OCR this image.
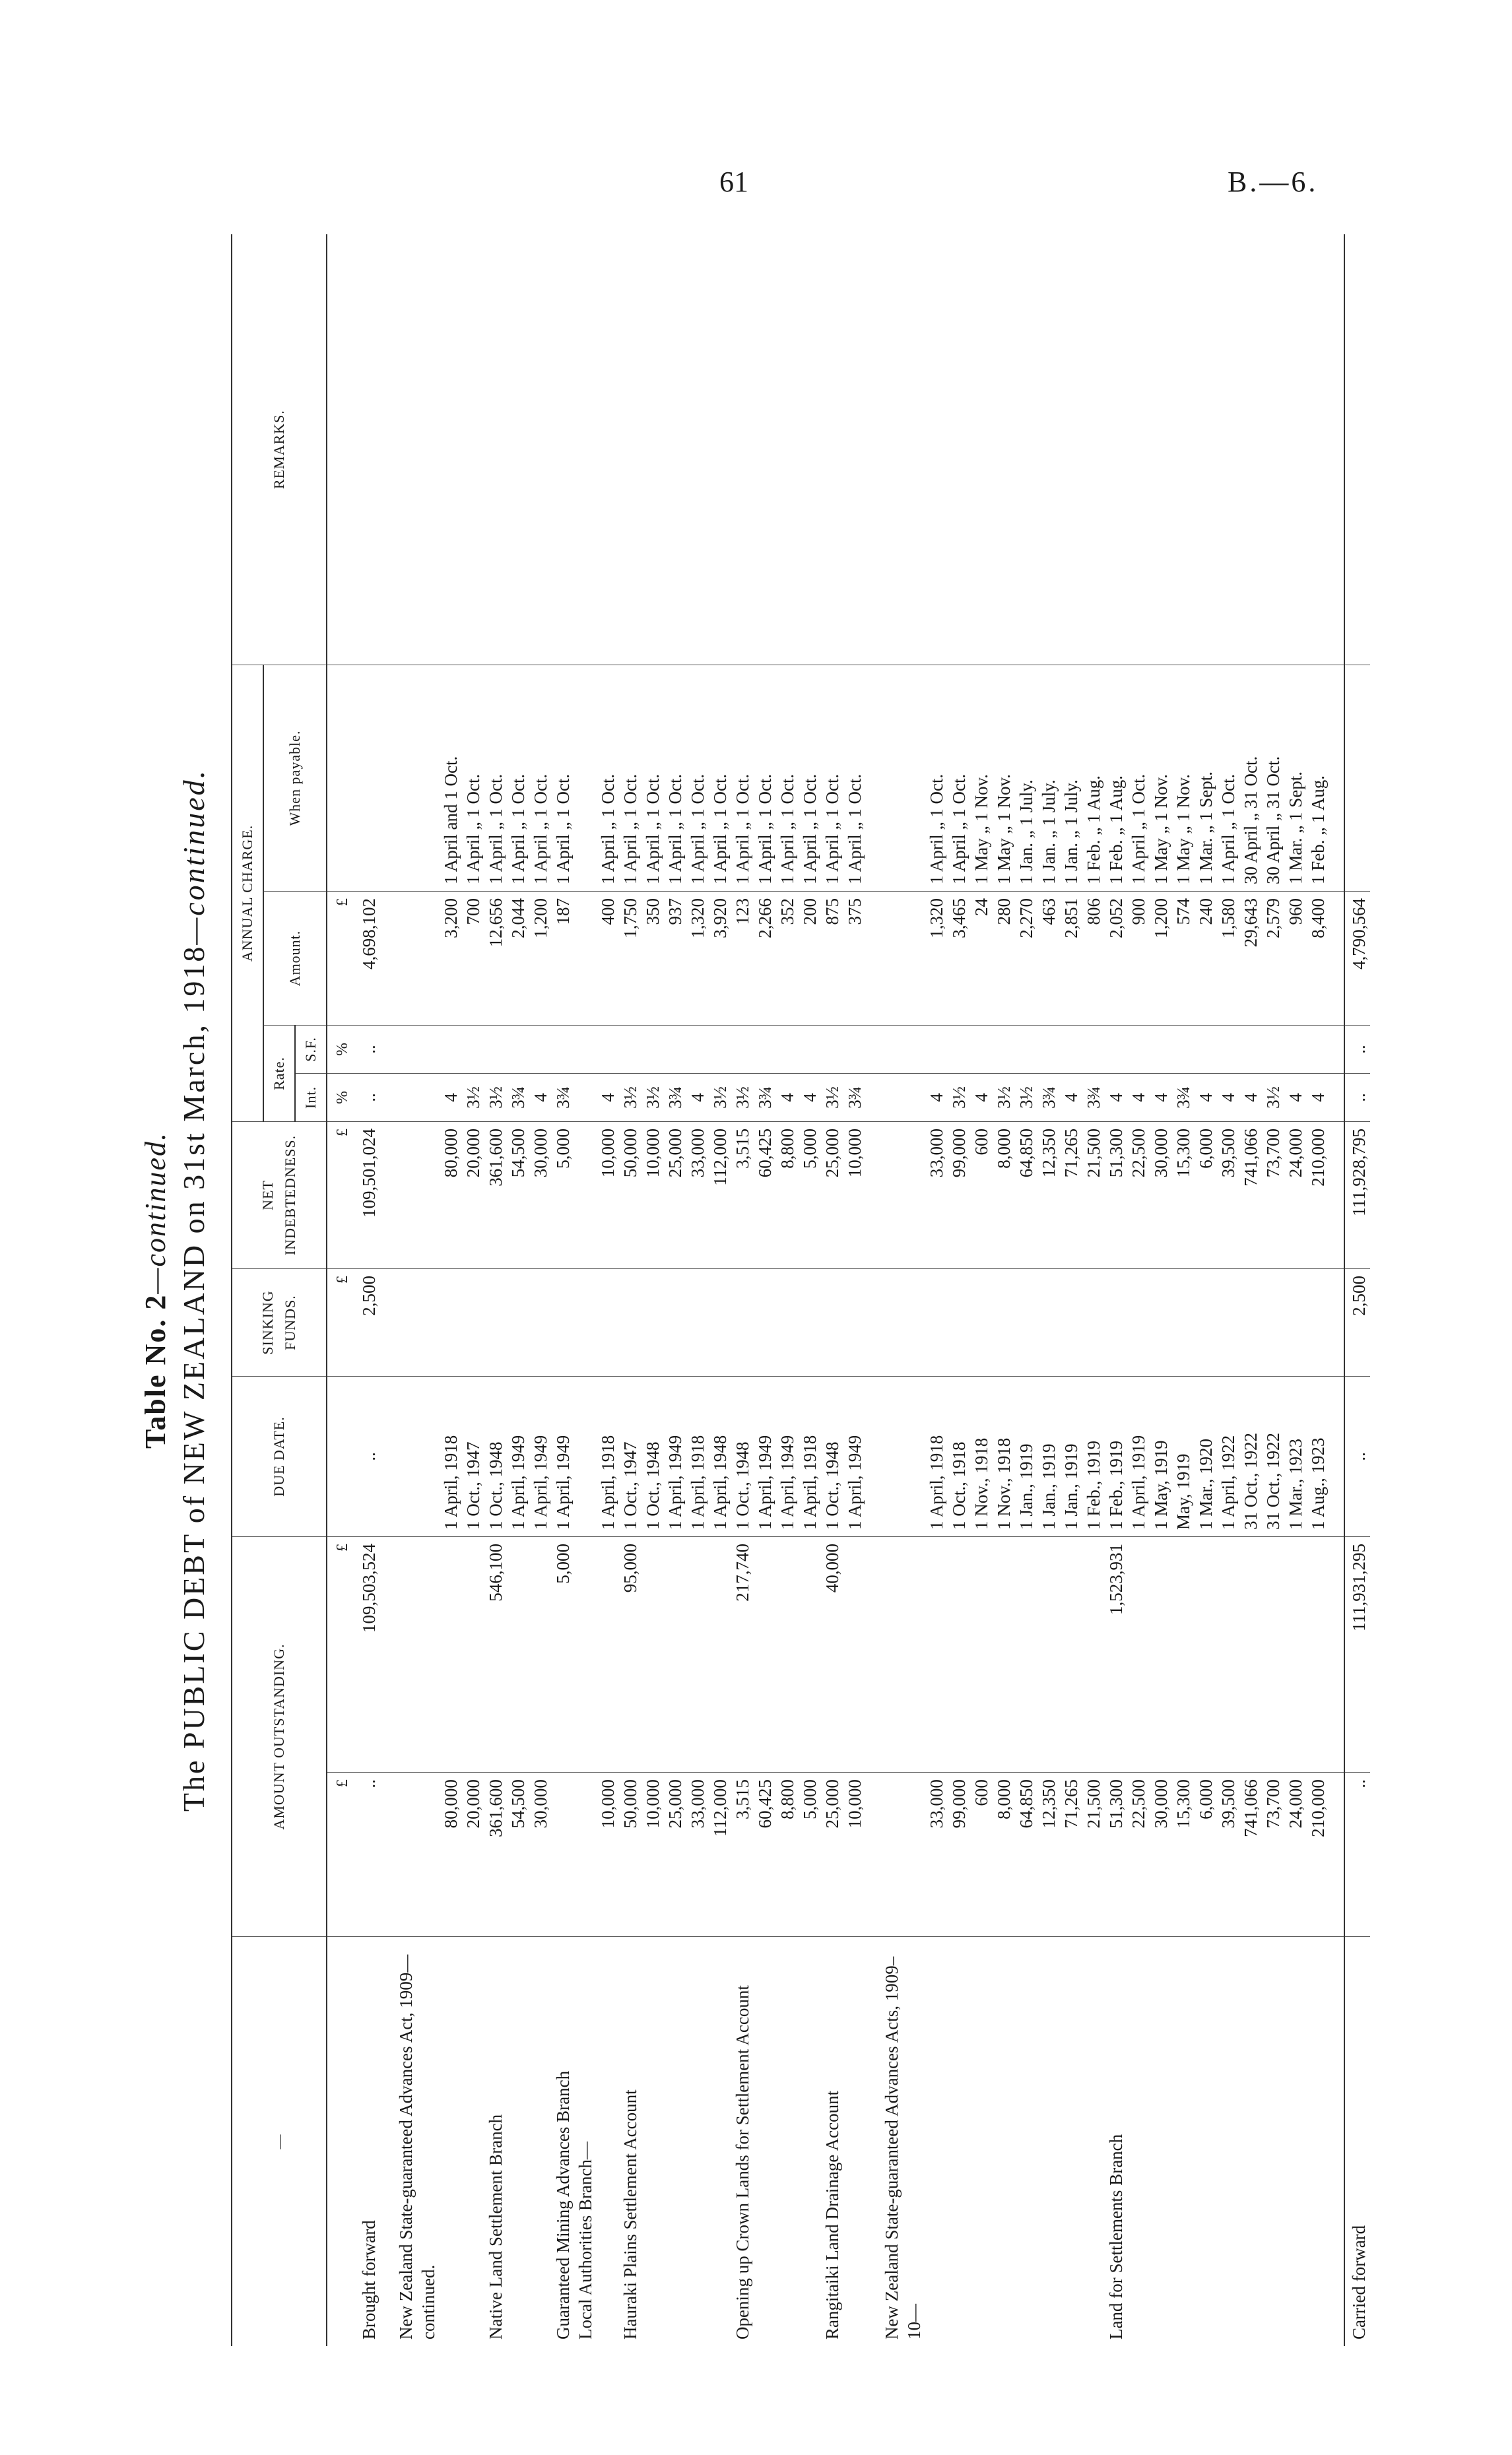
61	B.—6.
Table No. 2—continued. The PUBLIC DEBT of NEW ZEALAND on 31st March, 1918—continued.
—	AMOUNT OUTSTANDING.		DUE DATE.	SINKING FUNDS.	NET INDEBTEDNESS.	ANNUAL CHARGE.				REMARKS.
						Rate.		Amount.	When payable.	
						Int.	S.F.			
	£	£		£	£	%	%	£		
Brought forward	..	109,503,524	..	2,500	109,501,024	..	..	4,698,102		

New Zealand State-guaranteed Advances Act, 1909—continued.										
	80,000		1 April, 1918		80,000	4		3,200	1 April and 1 Oct.	
	20,000		1 Oct., 1947		20,000	3½		700	1 April „ 1 Oct.	
Native Land Settlement Branch	361,600	546,100	1 Oct., 1948		361,600	3½		12,656	1 April „ 1 Oct.	
	54,500		1 April, 1949		54,500	3¾		2,044	1 April „ 1 Oct.	
	30,000		1 April, 1949		30,000	4		1,200	1 April „ 1 Oct.	
Guaranteed Mining Advances Branch		5,000	1 April, 1949		5,000	3¾		187	1 April „ 1 Oct.	
Local Authorities Branch—										
	10,000		1 April, 1918		10,000	4		400	1 April „ 1 Oct.	
Hauraki Plains Settlement Account	50,000	95,000	1 Oct., 1947		50,000	3½		1,750	1 April „ 1 Oct.	
	10,000		1 Oct., 1948		10,000	3½		350	1 April „ 1 Oct.	
	25,000		1 April, 1949		25,000	3¾		937	1 April „ 1 Oct.	
	33,000		1 April, 1918		33,000	4		1,320	1 April „ 1 Oct.	
	112,000		1 April, 1948		112,000	3½		3,920	1 April „ 1 Oct.	
Opening up Crown Lands for Settlement Account	3,515	217,740	1 Oct., 1948		3,515	3½		123	1 April „ 1 Oct.	
	60,425		1 April, 1949		60,425	3¾		2,266	1 April „ 1 Oct.	
	8,800		1 April, 1949		8,800	4		352	1 April „ 1 Oct.	
	5,000		1 April, 1918		5,000	4		200	1 April „ 1 Oct.	
Rangitaiki Land Drainage Account	25,000	40,000	1 Oct., 1948		25,000	3½		875	1 April „ 1 Oct.	
	10,000		1 April, 1949		10,000	3¾		375	1 April „ 1 Oct.	

New Zealand State-guaranteed Advances Acts, 1909–10—										
	33,000		1 April, 1918		33,000	4		1,320	1 April „ 1 Oct.	
	99,000		1 Oct., 1918		99,000	3½		3,465	1 April „ 1 Oct.	
	600		1 Nov., 1918		600	4		24	1 May „ 1 Nov.	
	8,000		1 Nov., 1918		8,000	3½		280	1 May „ 1 Nov.	
	64,850		1 Jan., 1919		64,850	3½		2,270	1 Jan. „ 1 July.	
	12,350		1 Jan., 1919		12,350	3¾		463	1 Jan. „ 1 July.	
	71,265		1 Jan., 1919		71,265	4		2,851	1 Jan. „ 1 July.	
	21,500		1 Feb., 1919		21,500	3¾		806	1 Feb. „ 1 Aug.	
Land for Settlements Branch	51,300	1,523,931	1 Feb., 1919		51,300	4		2,052	1 Feb. „ 1 Aug.	
	22,500		1 April, 1919		22,500	4		900	1 April „ 1 Oct.	
	30,000		1 May, 1919		30,000	4		1,200	1 May „ 1 Nov.	
	15,300		May, 1919		15,300	3¾		574	1 May „ 1 Nov.	
	6,000		1 Mar., 1920		6,000	4		240	1 Mar. „ 1 Sept.	
	39,500		1 April, 1922		39,500	4		1,580	1 April „ 1 Oct.	
	741,066		31 Oct., 1922		741,066	4		29,643	30 April „ 31 Oct.	
	73,700		31 Oct., 1922		73,700	3½		2,579	30 April „ 31 Oct.	
	24,000		1 Mar., 1923		24,000	4		960	1 Mar. „ 1 Sept.	
	210,000		1 Aug., 1923		210,000	4		8,400	1 Feb. „ 1 Aug.	

Carried forward	..	111,931,295	..	2,500	111,928,795	..	..	4,790,564		
